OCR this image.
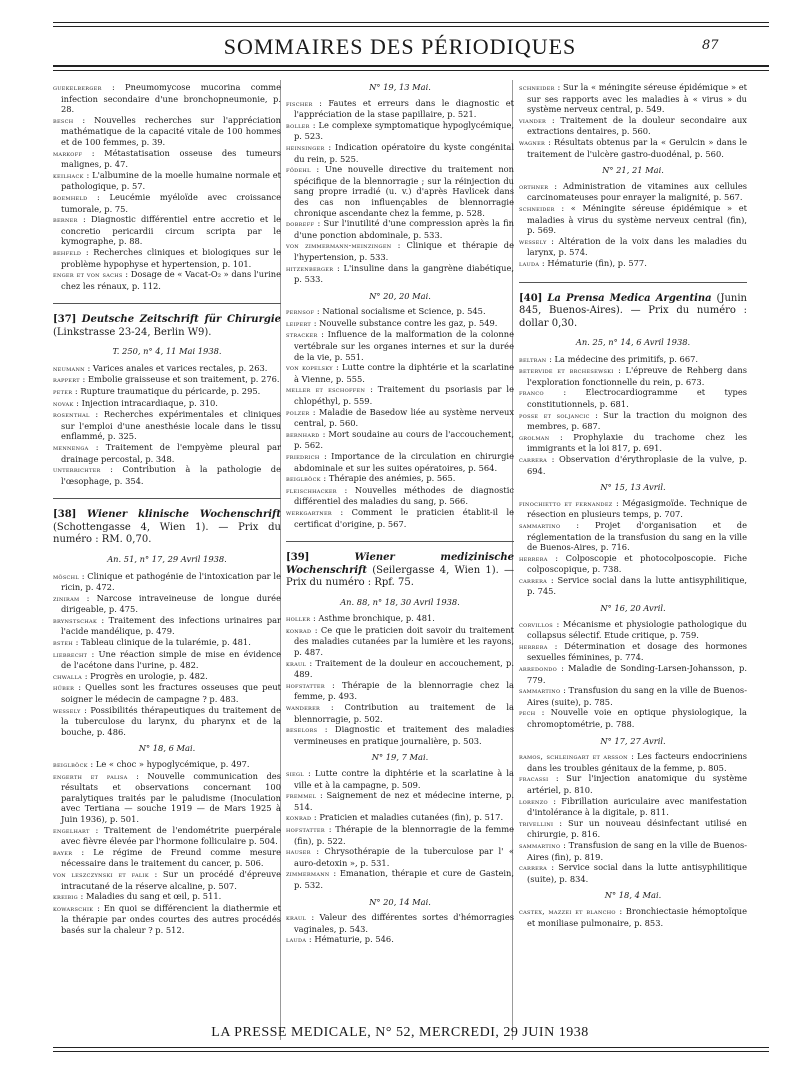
SOMMAIRES DES PÉRIODIQUES	87

guekelberger : Pneumomycose mucorina comme infection secondaire d'une bronchopneumonie, p. 28.

besch : Nouvelles recherches sur l'appréciation mathématique de la capacité vitale de 100 hommes et de 100 femmes, p. 39.

markoff : Métastatisation osseuse des tumeurs malignes, p. 47.

keilhack : L'albumine de la moelle humaine normale et pathologique, p. 57.

boemheld : Leucémie myéloïde avec croissance tumorale, p. 75.

berner : Diagnostic différentiel entre accretio et le concretio pericardii circum scripta par le kymographe, p. 88.

behfeld : Recherches cliniques et biologiques sur le problème hypophyse et hypertension, p. 101.

enger et von sachs : Dosage de « Vacat-O₂ » dans l'urine chez les rénaux, p. 112.

[37] Deutsche Zeitschrift für Chirurgie (Linkstrasse 23-24, Berlin W9).

T. 250, n° 4, 11 Mai 1938.

neumann : Varices anales et varices rectales, p. 263.

rappert : Embolie graisseuse et son traitement, p. 276.

peter : Rupture traumatique du péricarde, p. 295.

novak : Injection intracardiaque, p. 310.

rosenthal : Recherches expérimentales et cliniques sur l'emploi d'une anesthésie locale dans le tissu enflammé, p. 325.

mennenga : Traitement de l'empyème pleural par drainage percostal, p. 348.

unterrichter : Contribution à la pathologie de l'œsophage, p. 354.

[38] Wiener klinische Wochenschrift (Schottengasse 4, Wien 1). — Prix du numéro : RM. 0,70.

An. 51, n° 17, 29 Avril 1938.

möschl : Clinique et pathogénie de l'intoxication par le ricin, p. 472.

ziniram : Narcose intraveineuse de longue durée dirigeable, p. 475.

brynstschak : Traitement des infections urinaires par l'acide mandélique, p. 479.

bsteh : Tableau clinique de la tularémie, p. 481.

liebrecht : Une réaction simple de mise en évidence de l'acétone dans l'urine, p. 482.

chwalla : Progrès en urologie, p. 482.

hüber : Quelles sont les fractures osseuses que peut soigner le médecin de campagne ? p. 483.

wessely : Possibilités thérapeutiques du traitement de la tuberculose du larynx, du pharynx et de la bouche, p. 486.

N° 18, 6 Mai.

beiglböck : Le « choc » hypoglycémique, p. 497.

engerth et palisa : Nouvelle communication des résultats et observations concernant 100 paralytiques traités par le paludisme (Inoculation avec Tertiana — souche 1919 — de Mars 1925 à Juin 1936), p. 501.

engelhart : Traitement de l'endométrite puerpérale avec fièvre élevée par l'hormone folliculaire p. 504.

bayer : Le régime de Freund comme mesure nécessaire dans le traitement du cancer, p. 506.

von leszczynski et falik : Sur un procédé d'épreuve intracutané de la réserve alcaline, p. 507.

kreibig : Maladies du sang et œil, p. 511.

kowarschik : En quoi se différencient la diathermie et la thérapie par ondes courtes des autres procédés basés sur la chaleur ? p. 512.

N° 19, 13 Mai.

fischer : Fautes et erreurs dans le diagnostic et l'appréciation de la stase papillaire, p. 521.

boller : Le complexe symptomatique hypoglycémique, p. 523.

heinsinger : Indication opératoire du kyste congénital du rein, p. 525.

födehl : Une nouvelle directive du traitement non spécifique de la blennorragie ; sur la réinjection du sang propre irradié (u. v.) d'après Havlicek dans des cas non influençables de blennorragie chronique ascendante chez la femme, p. 528.

dobreff : Sur l'inutilité d'une compression après la fin d'une ponction abdominale, p. 533.

von zimmermann-meinzingen : Clinique et thérapie de l'hypertension, p. 533.

hitzenberger : L'insuline dans la gangrène diabétique, p. 533.

N° 20, 20 Mai.

pernsof : National socialisme et Science, p. 545.

leipert : Nouvelle substance contre les gaz, p. 549.

stracker : Influence de la malformation de la colonne vertébrale sur les organes internes et sur la durée de la vie, p. 551.

von kopelsky : Lutte contre la diphtérie et la scarlatine à Vienne, p. 555.

meller et eschoffen : Traitement du psoriasis par le chlорéthyl, p. 559.

polzer : Maladie de Basedow liée au système nerveux central, p. 560.

bernhard : Mort soudaine au cours de l'accouchement, p. 562.

friedrich : Importance de la circulation en chirurgie abdominale et sur les suites opératoires, p. 564.

beiglböck : Thérapie des anémies, p. 565.

fleischhacker : Nouvelles méthodes de diagnostic différentiel des maladies du sang, p. 566.

werkgartner : Comment le praticien établit-il le certificat d'origine, p. 567.

[39]	Wiener medizinische Wochenschrift (Seilergasse 4, Wien 1). — Prix du numéro : Rpf. 75.

An. 88, n° 18, 30 Avril 1938.

holler : Asthme bronchique, p. 481.

konrad : Ce que le praticien doit savoir du traitement des maladies cutanées par la lumière et les rayons, p. 487.

kraul : Traitement de la douleur en accouchement, p. 489.

hofstatter : Thérapie de la blennorragie chez la femme, p. 493.

wanderer : Contribution au traitement de la blennorragie, p. 502.

beselors : Diagnostic et traitement des maladies vermineuses en pratique journalière, p. 503.

N° 19, 7 Mai.

siegl : Lutte contre la diphtérie et la scarlatine à la ville et à la campagne, p. 509.

fremmel : Saignement de nez et médecine interne, p. 514.

konrad : Praticien et maladies cutanées (fin), p. 517.

hofstatter : Thérapie de la blennorragie de la femme (fin), p. 522.

hauser : Chrysothérapie de la tuberculose par l' « auro-detoxin », p. 531.

zimmermann : Emanation, thérapie et cure de Gastein, p. 532.

N° 20, 14 Mai.

kraul : Valeur des différentes sortes d'hémorragies vaginales, p. 543.

lauda : Hématurie, p. 546.

schneider : Sur la « méningite séreuse épidémique » et sur ses rapports avec les maladies à « virus » du système nerveux central, p. 549.

viander : Traitement de la douleur secondaire aux extractions dentaires, p. 560.

wagner : Résultats obtenus par la « Gerulcin » dans le traitement de l'ulcère gastro-duodénal, p. 560.

N° 21, 21 Mai.

orthner : Administration de vitamines aux cellules carcinomateuses pour enrayer la malignité, p. 567.

schneider : « Méningite séreuse épidémique » et maladies à virus du système nerveux central (fin), p. 569.

wessely : Altération de la voix dans les maladies du larynx, p. 574.

lauda : Hématurie (fin), p. 577.

[40] La Prensa Medica Argentina (Junin 845, Buenos-Aires). — Prix du numéro : dollar 0,30.

An. 25, n° 14, 6 Avril 1938.

beltran : La médecine des primitifs, p. 667.

betervide et brchesewski : L'épreuve de Rehberg dans l'exploration fonctionnelle du rein, p. 673.

franco : Electrocardiogramme et types constitutionnels, p. 681.

posse et soljancic : Sur la traction du moignon des membres, p. 687.

grolman : Prophylaxie du trachome chez les immigrants et la loi 817, p. 691.

carrera : Observation d'érythroplasie de la vulve, p. 694.

N° 15, 13 Avril.

finochietto et fernandez : Mégasigmoïde. Technique de résection en plusieurs temps, p. 707.

sammartino : Projet d'organisation et de réglementation de la transfusion du sang en la ville de Buenos-Aires, p. 716.

herrera : Colposcopie et photocolposcopie. Fiche colposcopique, p. 738.

carrera : Service social dans la lutte antisyphilitique, p. 745.

N° 16, 20 Avril.

corvillos : Mécanisme et physiologie pathologique du collapsus sélectif. Etude critique, p. 759.

herrera : Détermination et dosage des hormones sexuelles féminines, p. 774.

arredondo : Maladie de Sonding-Larsen-Johansson, p. 779.

sammartino : Transfusion du sang en la ville de Buenos-Aires (suite), p. 785.

pech : Nouvelle voie en optique physiologique, la chromoptométrie, p. 788.

N° 17, 27 Avril.

ramos, schleingart et arsson : Les facteurs endocriniens dans les troubles génitaux de la femme, p. 805.

fracassi : Sur l'injection anatomique du système artériel, p. 810.

lorenzo : Fibrillation auriculaire avec manifestation d'intolérance à la digitale, p. 811.

trivellini : Sur un nouveau désinfectant utilisé en chirurgie, p. 816.

sammartino : Transfusion de sang en la ville de Buenos-Aires (fin), p. 819.

carrera : Service social dans la lutte antisyphilitique (suite), p. 834.

N° 18, 4 Mai.

castex, mazzei et blancho : Bronchiectasie hémoptoïque et moniliase pulmonaire, p. 853.

LA PRESSE MEDICALE, N° 52, MERCREDI, 29 JUIN 1938
